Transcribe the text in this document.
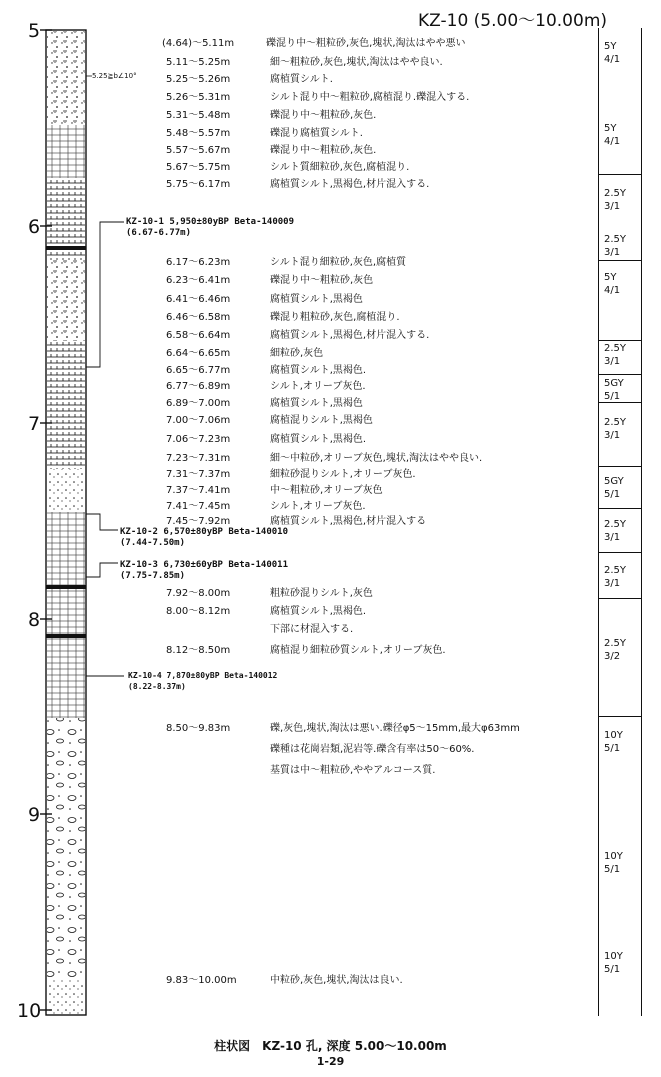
KZ-10 (5.00〜10.00m)
5
6
7
8
9
10
5.25≧b∠10°
(4.64)〜5.11m	礫混り中〜粗粒砂,灰色,塊状,淘汰はやや悪い
5.11〜5.25m	細〜粗粒砂,灰色,塊状,淘汰はやや良い.
5.25〜5.26m	腐植質シルト.
5.26〜5.31m	シルト混り中〜粗粒砂,腐植混り.礫混入する.
5.31〜5.48m	礫混り中〜粗粒砂,灰色.
5.48〜5.57m	礫混り腐植質シルト.
5.57〜5.67m	礫混り中〜粗粒砂,灰色.
5.67〜5.75m	シルト質細粒砂,灰色,腐植混り.
5.75〜6.17m	腐植質シルト,黒褐色,材片混入する.
6.17〜6.23m	シルト混り細粒砂,灰色,腐植質
6.23〜6.41m	礫混り中〜粗粒砂,灰色
6.41〜6.46m	腐植質シルト,黒褐色
6.46〜6.58m	礫混り粗粒砂,灰色,腐植混り.
6.58〜6.64m	腐植質シルト,黒褐色,材片混入する.
6.64〜6.65m	細粒砂,灰色
6.65〜6.77m	腐植質シルト,黒褐色.
6.77〜6.89m	シルト,オリーブ灰色.
6.89〜7.00m	腐植質シルト,黒褐色
7.00〜7.06m	腐植混りシルト,黒褐色
7.06〜7.23m	腐植質シルト,黒褐色.
7.23〜7.31m	細〜中粒砂,オリーブ灰色,塊状,淘汰はやや良い.
7.31〜7.37m	細粒砂混りシルト,オリーブ灰色.
7.37〜7.41m	中〜粗粒砂,オリーブ灰色
7.41〜7.45m	シルト,オリーブ灰色.
7.45〜7.92m	腐植質シルト,黒褐色,材片混入する
7.92〜8.00m	粗粒砂混りシルト,灰色
8.00〜8.12m	腐植質シルト,黒褐色.
下部に材混入する.
8.12〜8.50m	腐植混り細粒砂質シルト,オリーブ灰色.
8.50〜9.83m	礫,灰色,塊状,淘汰は悪い.礫径φ5〜15mm,最大φ63mm
礫種は花崗岩類,泥岩等.礫含有率は50〜60%.
基質は中〜粗粒砂,ややアルコース質.
9.83〜10.00m	中粒砂,灰色,塊状,淘汰は良い.
KZ-10-1 5,950±80yBP Beta-140009
(6.67-6.77m)
KZ-10-2 6,570±80yBP Beta-140010
(7.44-7.50m)
KZ-10-3 6,730±60yBP Beta-140011
(7.75-7.85m)
KZ-10-4 7,870±80yBP Beta-140012
(8.22-8.37m)
5Y
4/1
5Y
4/1
2.5Y
3/1
2.5Y
3/1
5Y
4/1
2.5Y
3/1
5GY
5/1
2.5Y
3/1
5GY
5/1
2.5Y
3/1
2.5Y
3/1
2.5Y
3/2
10Y
5/1
10Y
5/1
10Y
5/1
柱状図　KZ-10 孔, 深度 5.00〜10.00m
1-29
